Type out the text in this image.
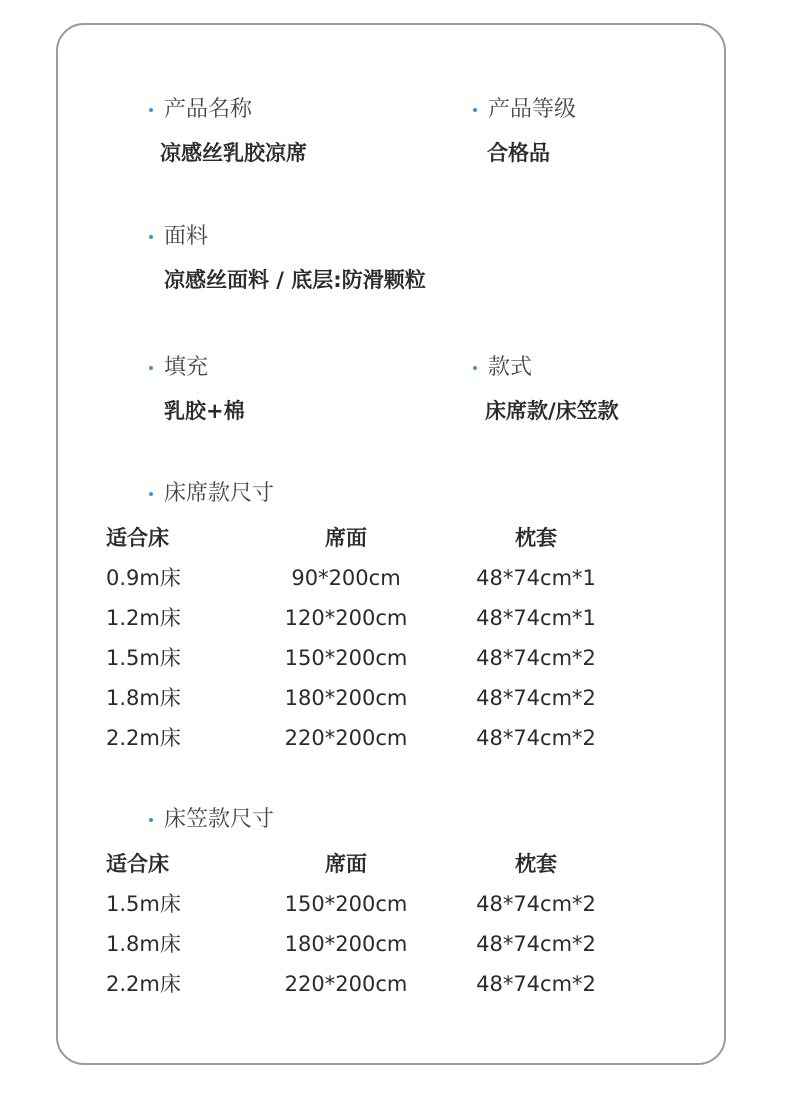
产品名称
凉感丝乳胶凉席
产品等级
合格品
面料
凉感丝面料 / 底层:防滑颗粒
填充
乳胶+棉
款式
床席款/床笠款
床席款尺寸
适合床	席面	枕套
0.9m床	90*200cm	48*74cm*1
1.2m床	120*200cm	48*74cm*1
1.5m床	150*200cm	48*74cm*2
1.8m床	180*200cm	48*74cm*2
2.2m床	220*200cm	48*74cm*2
床笠款尺寸
适合床	席面	枕套
1.5m床	150*200cm	48*74cm*2
1.8m床	180*200cm	48*74cm*2
2.2m床	220*200cm	48*74cm*2
